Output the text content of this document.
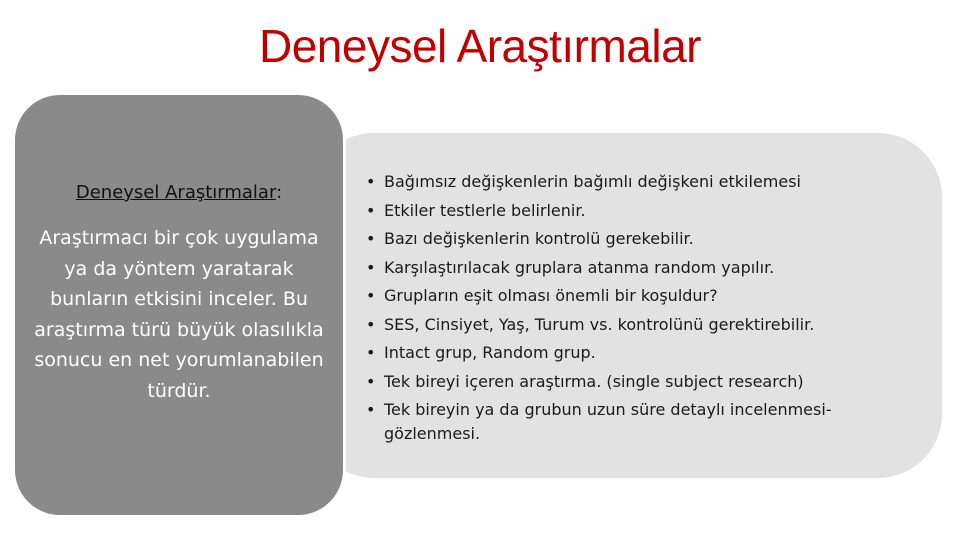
Deneysel Araştırmalar

Deneysel Araştırmalar:

Araştırmacı bir çok uygulama ya da yöntem yaratarak bunların etkisini inceler. Bu araştırma türü büyük olasılıkla sonucu en net yorumlanabilen türdür.

• Bağımsız değişkenlerin bağımlı değişkeni etkilemesi
• Etkiler testlerle belirlenir.
• Bazı değişkenlerin kontrolü gerekebilir.
• Karşılaştırılacak gruplara atanma random yapılır.
• Grupların eşit olması önemli bir koşuldur?
• SES, Cinsiyet, Yaş, Turum vs. kontrolünü gerektirebilir.
• Intact grup, Random grup.
• Tek bireyi içeren araştırma. (single subject research)
• Tek bireyin ya da grubun uzun süre detaylı incelenmesi-gözlenmesi.
